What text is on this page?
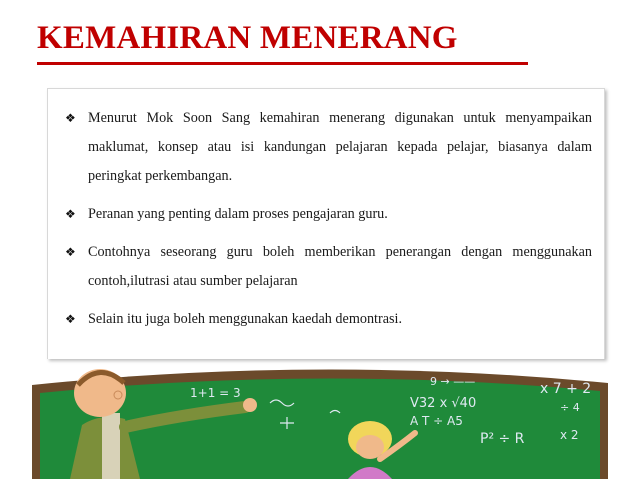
KEMAHIRAN MENERANG
❖ Menurut Mok Soon Sang kemahiran menerang digunakan untuk menyampaikan maklumat, konsep atau isi kandungan pelajaran kepada pelajar, biasanya dalam peringkat perkembangan.
❖ Peranan yang penting dalam proses pengajaran guru.
❖ Contohnya seseorang guru boleh memberikan penerangan dengan menggunakan contoh,ilutrasi atau sumber pelajaran
❖ Selain itu juga boleh menggunakan kaedah demontrasi.
1+1 = 3
9 → ——
V32 x √40
A T ÷ A5
P² ÷ R
x 7 + 2
÷ 4
x 2
